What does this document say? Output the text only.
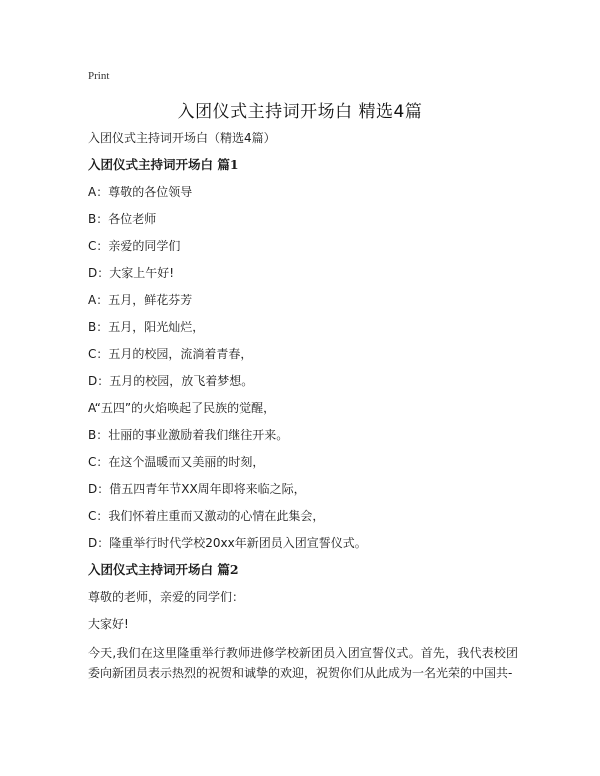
Print
入团仪式主持词开场白 精选4篇
入团仪式主持词开场白（精选4篇）
入团仪式主持词开场白 篇1
A：尊敬的各位领导
B：各位老师
C：亲爱的同学们
D：大家上午好!
A：五月，鲜花芬芳
B：五月，阳光灿烂，
C：五月的校园，流淌着青春，
D：五月的校园，放飞着梦想。
A“五四”的火焰唤起了民族的觉醒，
B：壮丽的事业激励着我们继往开来。
C：在这个温暖而又美丽的时刻，
D：借五四青年节XX周年即将来临之际，
C：我们怀着庄重而又激动的心情在此集会，
D：隆重举行时代学校20xx年新团员入团宣誓仪式。
入团仪式主持词开场白 篇2
尊敬的老师，亲爱的同学们：
大家好!

今天,我们在这里隆重举行教师进修学校新团员入团宣誓仪式。首先，我代表校团委向新团员表示热烈的祝贺和诚挚的欢迎，祝贺你们从此成为一名光荣的中国共-
